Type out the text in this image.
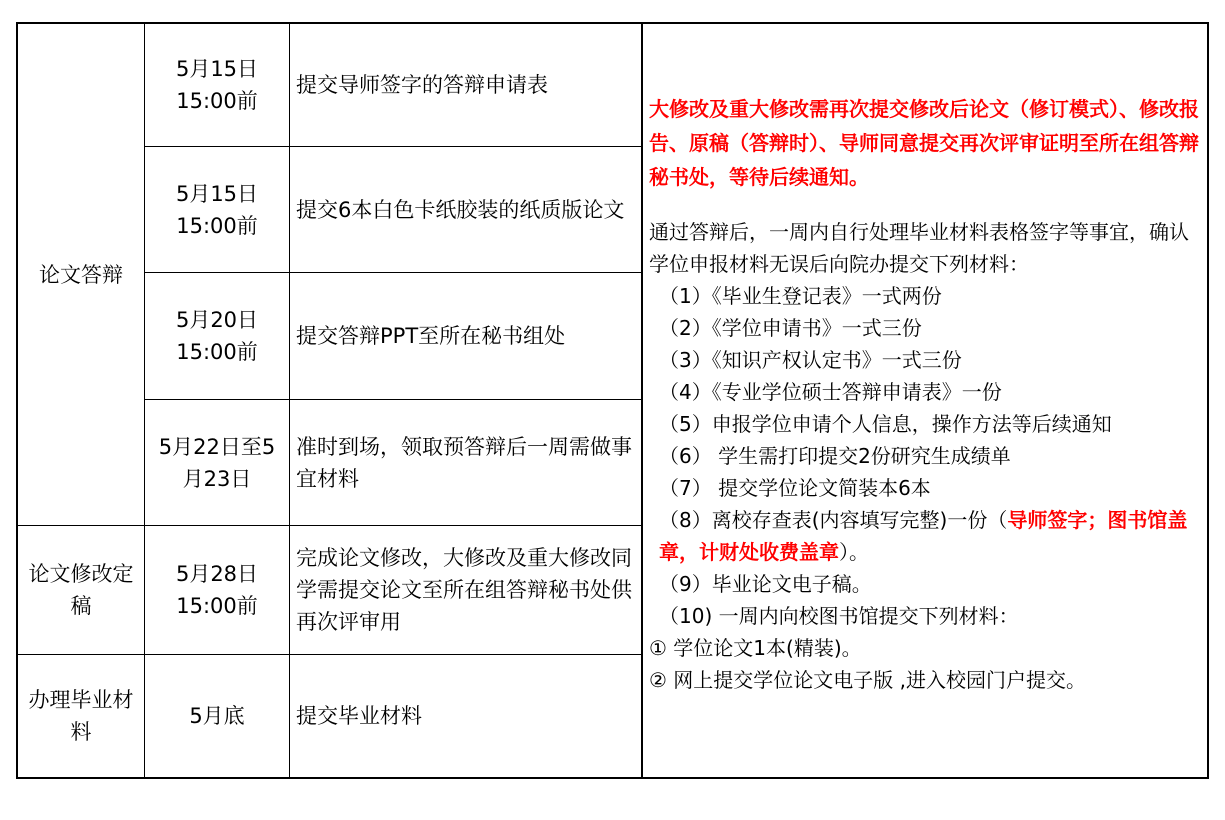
论文答辩
论文修改定稿
办理毕业材料
5月15日
15:00前
5月15日
15:00前
5月20日
15:00前
5月22日至5月23日
5月28日
15:00前
5月底
提交导师签字的答辩申请表
提交6本白色卡纸胶装的纸质版论文
提交答辩PPT至所在秘书组处
准时到场，领取预答辩后一周需做事宜材料
完成论文修改，大修改及重大修改同学需提交论文至所在组答辩秘书处供再次评审用
提交毕业材料
大修改及重大修改需再次提交修改后论文（修订模式）、修改报告、原稿（答辩时）、导师同意提交再次评审证明至所在组答辩秘书处，等待后续通知。

通过答辩后，一周内自行处理毕业材料表格签字等事宜，确认学位申报材料无误后向院办提交下列材料：

（1）《毕业生登记表》一式两份

（2）《学位申请书》一式三份

（3）《知识产权认定书》一式三份

（4）《专业学位硕士答辩申请表》一份

（5）申报学位申请个人信息，操作方法等后续通知

（6） 学生需打印提交2份研究生成绩单

（7） 提交学位论文简装本6本

（8）离校存查表(内容填写完整)一份（导师签字；图书馆盖章，计财处收费盖章）。

（9）毕业论文电子稿。

（10) 一周内向校图书馆提交下列材料：

① 学位论文1本(精装)。

② 网上提交学位论文电子版 ,进入校园门户提交。
